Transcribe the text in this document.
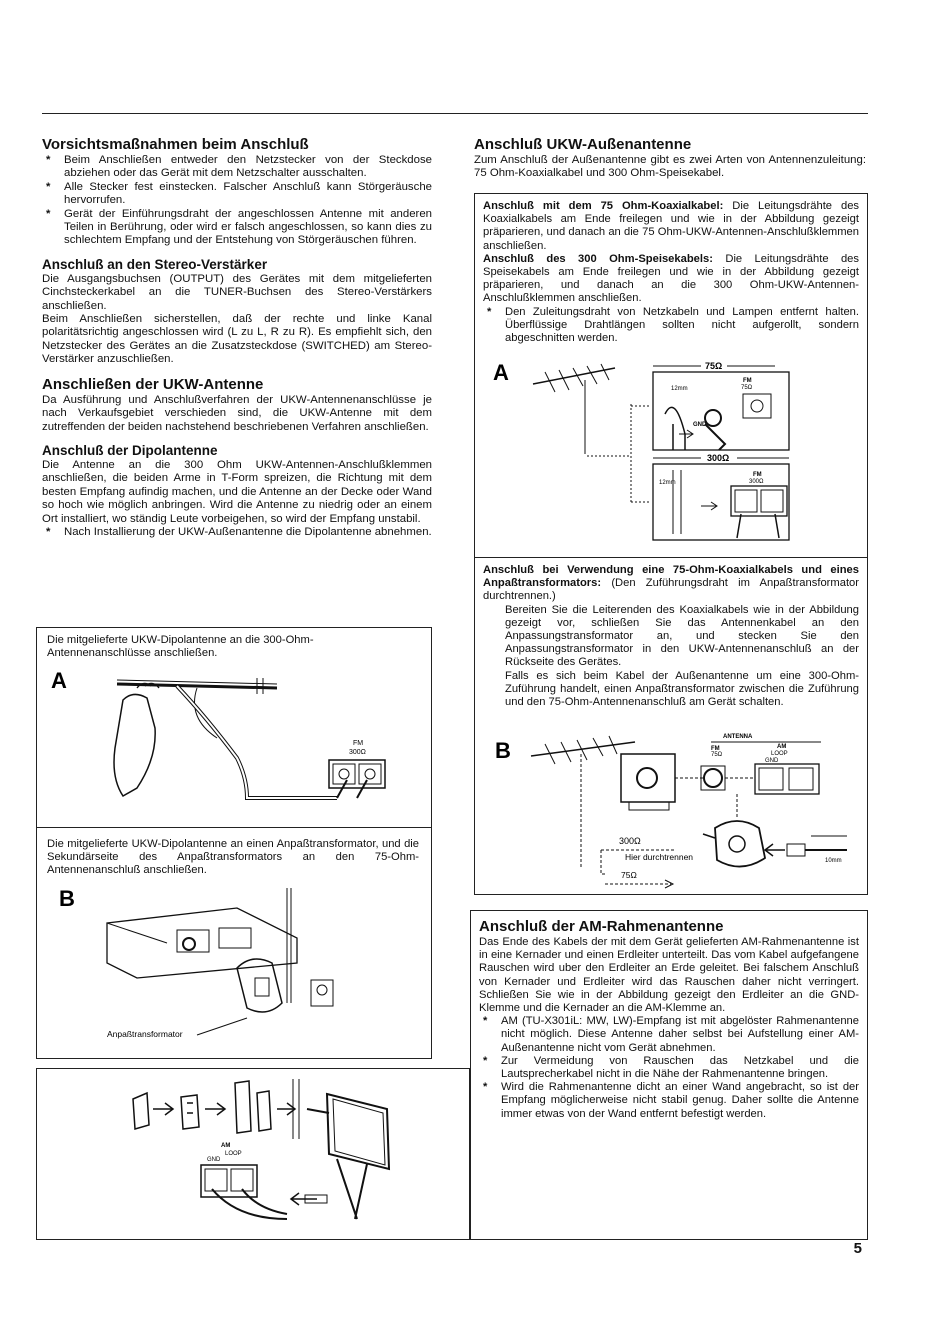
Vorsichtsmaßnahmen beim Anschluß
* Beim Anschließen entweder den Netzstecker von der Steckdose abziehen oder das Gerät mit dem Netzschalter ausschalten.
* Alle Stecker fest einstecken. Falscher Anschluß kann Störgeräusche hervorrufen.
* Gerät der Einführungsdraht der angeschlossen Antenne mit anderen Teilen in Berührung, oder wird er falsch angeschlossen, so kann dies zu schlechtem Empfang und der Entstehung von Störgeräuschen führen.
Anschluß an den Stereo-Verstärker

Die Ausgangsbuchsen (OUTPUT) des Gerätes mit dem mitgelieferten Cinchsteckerkabel an die TUNER-Buchsen des Stereo-Verstärkers anschließen.

Beim Anschließen sicherstellen, daß der rechte und linke Kanal polaritätsrichtig angeschlossen wird (L zu L, R zu R). Es empfiehlt sich, den Netzstecker des Gerätes an die Zusatzsteckdose (SWITCHED) am Stereo-Verstärker anzuschließen.

Anschließen der UKW-Antenne

Da Ausführung und Anschlußverfahren der UKW-Antennenanschlüsse je nach Verkaufsgebiet verschieden sind, die UKW-Antenne mit dem zutreffenden der beiden nachstehend beschriebenen Verfahren anschließen.

Anschluß der Dipolantenne

Die Antenne an die 300 Ohm UKW-Antennen-Anschlußklemmen anschließen, die beiden Arme in T-Form spreizen, die Richtung mit dem besten Empfang aufindig machen, und die Antenne an der Decke oder Wand so hoch wie möglich anbringen. Wird die Antenne zu niedrig oder an einem Ort installiert, wo ständig Leute vorbeigehen, so wird der Empfang unstabil.

* Nach Installierung der UKW-Außenantenne die Dipolantenne abnehmen.

Die mitgelieferte UKW-Dipolantenne an die 300-Ohm-Antennenanschlüsse anschließen.

A
FM
300Ω

Die mitgelieferte UKW-Dipolantenne an einen Anpaßtransformator, und die Sekundärseite des Anpaßtransformators an den 75-Ohm-Antennenanschluß anschließen.

B
Anpaßtransformator
AM
LOOP
GND
Anschluß UKW-Außenantenne

Zum Anschluß der Außenantenne gibt es zwei Arten von Antennenzuleitung: 75 Ohm-Koaxialkabel und 300 Ohm-Speisekabel.

Anschluß mit dem 75 Ohm-Koaxialkabel: Die Leitungsdrähte des Koaxialkabels am Ende freilegen und wie in der Abbildung gezeigt präparieren, und danach an die 75 Ohm-UKW-Antennen-Anschlußklemmen anschließen.

Anschluß des 300 Ohm-Speisekabels: Die Leitungsdrähte des Speisekabels am Ende freilegen und wie in der Abbildung gezeigt präparieren, und danach an die 300 Ohm-UKW-Antennen-Anschlußklemmen anschließen.

* Den Zuleitungsdraht von Netzkabeln und Lampen entfernt halten. Überflüssige Drahtlängen sollten nicht aufgerollt, sondern abgeschnitten werden.
A	75Ω
12mm
FM
75Ω
GND
300Ω
12mm
FM
300Ω

Anschluß bei Verwendung eine 75-Ohm-Koaxialkabels und eines Anpaßtransformators: (Den Zuführungsdraht im Anpaßtransformator durchtrennen.)

Bereiten Sie die Leiterenden des Koaxialkabels wie in der Abbildung gezeigt vor, schließen Sie das Antennenkabel an den Anpassungstransformator an, und stecken Sie den Anpassungstransformator in den UKW-Antennenanschluß an der Rückseite des Gerätes.

Falls es sich beim Kabel der Außenantenne um eine 300-Ohm-Zuführung handelt, einen Anpaßtransformator zwischen die Zuführung und den 75-Ohm-Antennenanschluß am Gerät schalten.

B
ANTENNA
FM	AM
75Ω	LOOP
GND
300Ω
Hier durchtrennen
75Ω
10mm
Anschluß der AM-Rahmenantenne

Das Ende des Kabels der mit dem Gerät gelieferten AM-Rahmenantenne ist in eine Kernader und einen Erdleiter unterteilt. Das vom Kabel aufgefangene Rauschen wird uber den Erdleiter an Erde geleitet. Bei falschem Anschluß von Kernader und Erdleiter wird das Rauschen daher nicht verringert. Schließen Sie wie in der Abbildung gezeigt den Erdleiter an die GND-Klemme und die Kernader an die AM-Klemme an.

* AM (TU-X301iL: MW, LW)-Empfang ist mit abgelöster Rahmenantenne nicht möglich. Diese Antenne daher selbst bei Aufstellung einer AM-Außenantenne nicht vom Gerät abnehmen.
* Zur Vermeidung von Rauschen das Netzkabel und die Lautsprecherkabel nicht in die Nähe der Rahmenantenne bringen.
* Wird die Rahmenantenne dicht an einer Wand angebracht, so ist der Empfang möglicherweise nicht stabil genug. Daher sollte die Antenne immer etwas von der Wand entfernt befestigt werden.
5
